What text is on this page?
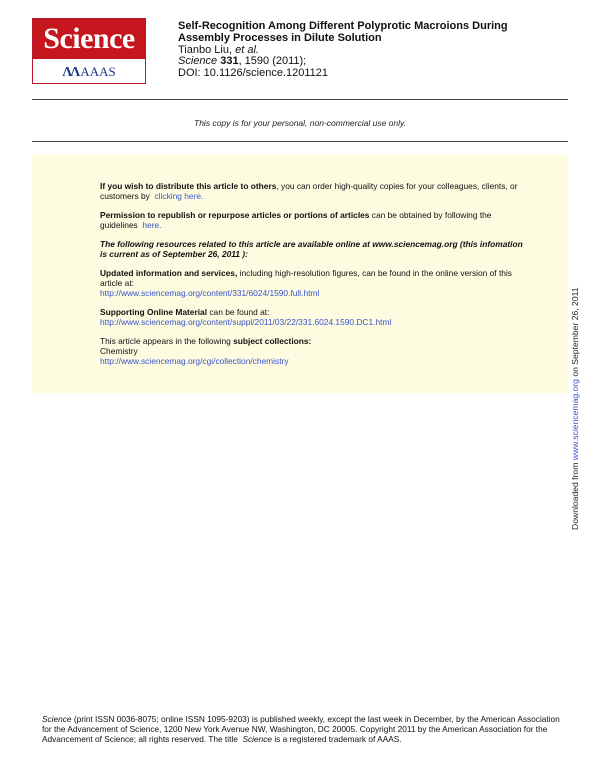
Science
ΛΛ AAAS
Self-Recognition Among Different Polyprotic Macroions During Assembly Processes in Dilute Solution
Tianbo Liu, et al.
Science 331, 1590 (2011);
DOI: 10.1126/science.1201121
This copy is for your personal, non-commercial use only.
If you wish to distribute this article to others, you can order high-quality copies for your colleagues, clients, or customers by clicking here.
Permission to republish or repurpose articles or portions of articles can be obtained by following the guidelines here.
The following resources related to this article are available online at www.sciencemag.org (this infomation is current as of September 26, 2011 ):
Updated information and services, including high-resolution figures, can be found in the online version of this article at:
http://www.sciencemag.org/content/331/6024/1590.full.html
Supporting Online Material can be found at:
http://www.sciencemag.org/content/suppl/2011/03/22/331.6024.1590.DC1.html
This article appears in the following subject collections:
Chemistry
http://www.sciencemag.org/cgi/collection/chemistry
Downloaded from www.sciencemag.org on September 26, 2011
Science (print ISSN 0036-8075; online ISSN 1095-9203) is published weekly, except the last week in December, by the American Association for the Advancement of Science, 1200 New York Avenue NW, Washington, DC 20005. Copyright 2011 by the American Association for the Advancement of Science; all rights reserved. The title Science is a registered trademark of AAAS.
